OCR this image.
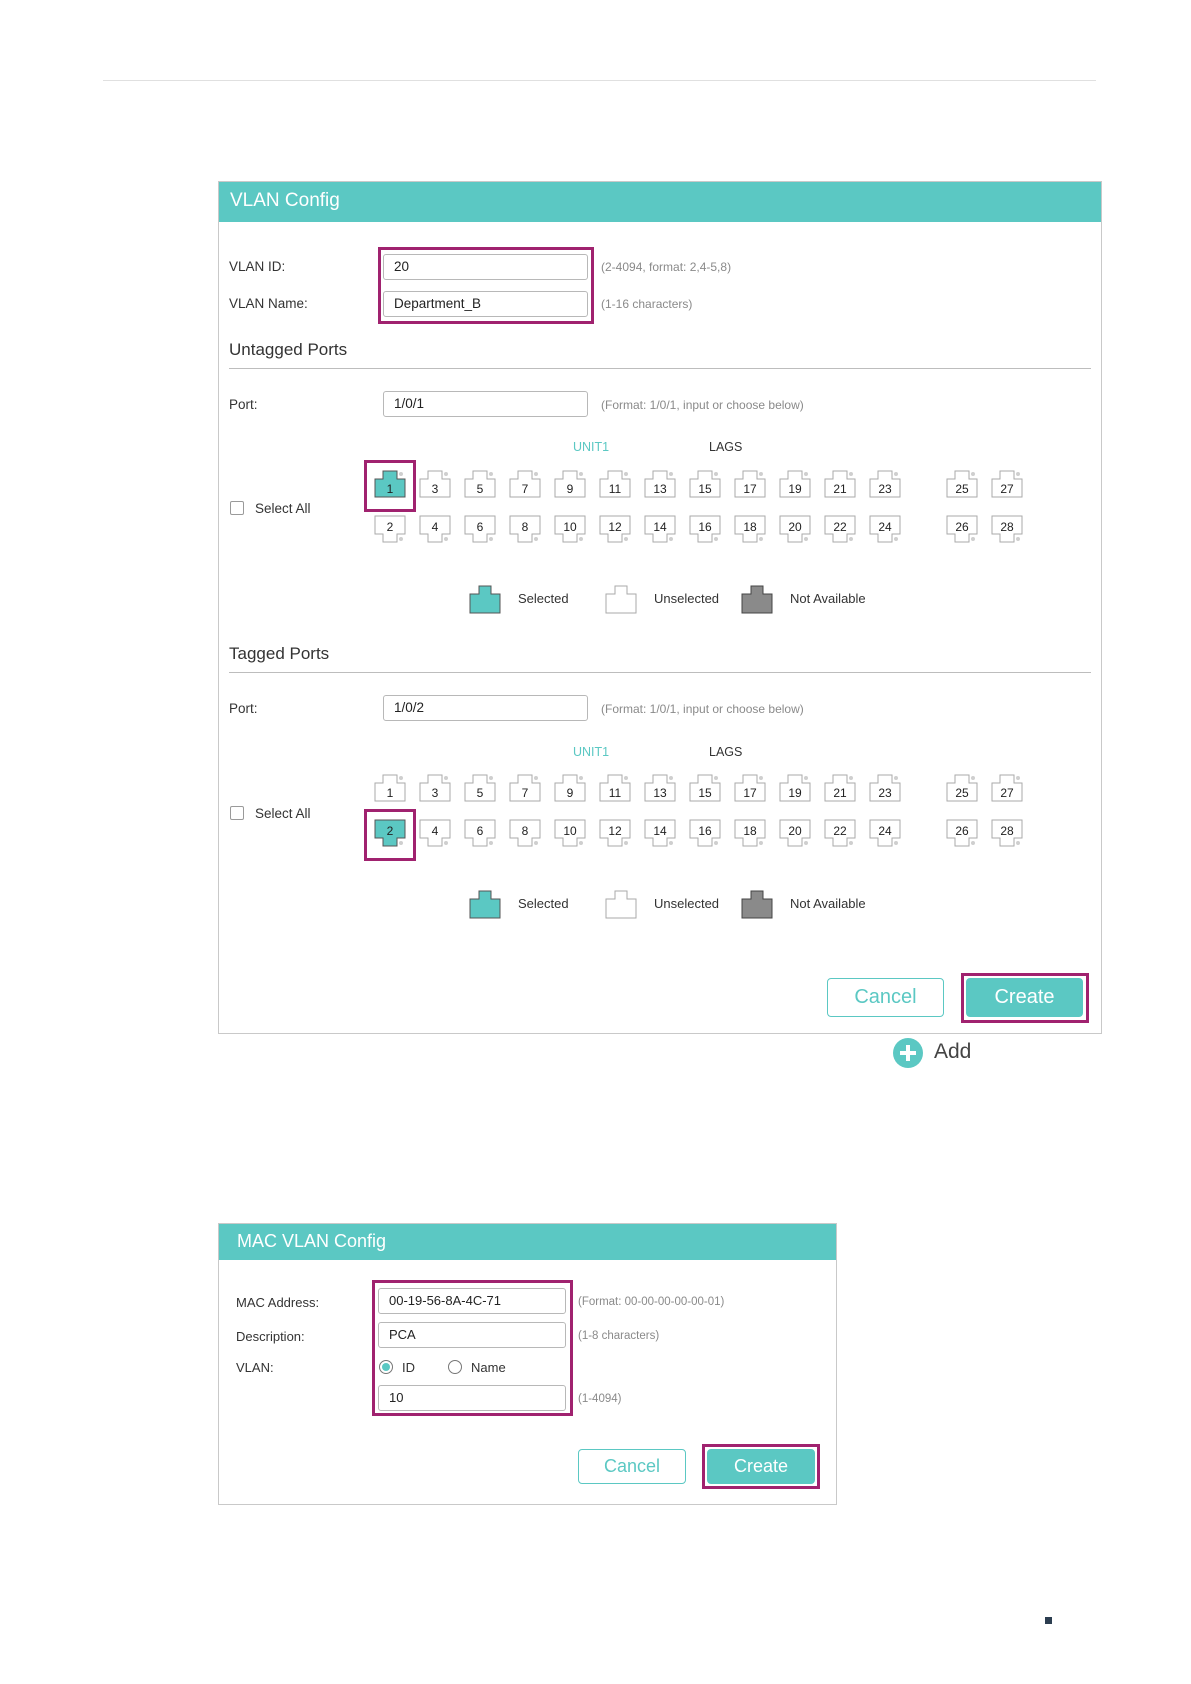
VLAN Config
VLAN ID:	20	(2-4094, format: 2,4-5,8)
VLAN Name:	Department_B	(1-16 characters)
Untagged Ports
Port:	1/0/1	(Format: 1/0/1, input or choose below)
UNIT1	LAGS
Select All
1	3	5	7	9	11	13	15	17	19	21	23
2	4	6	8	10	12	14	16	18	20	22	24
25	27
26	28
Selected	Unselected	Not Available
Tagged Ports
Port:	1/0/2	(Format: 1/0/1, input or choose below)
UNIT1	LAGS
Select All
1	3	5	7	9	11	13	15	17	19	21	23
2	4	6	8	10	12	14	16	18	20	22	24
25	27
26	28
Selected	Unselected	Not Available
Cancel	Create
Add
MAC VLAN Config
MAC Address:	00-19-56-8A-4C-71	(Format: 00-00-00-00-00-01)
Description:	PCA	(1-8 characters)
VLAN:	ID	Name
10	(1-4094)
Cancel	Create
